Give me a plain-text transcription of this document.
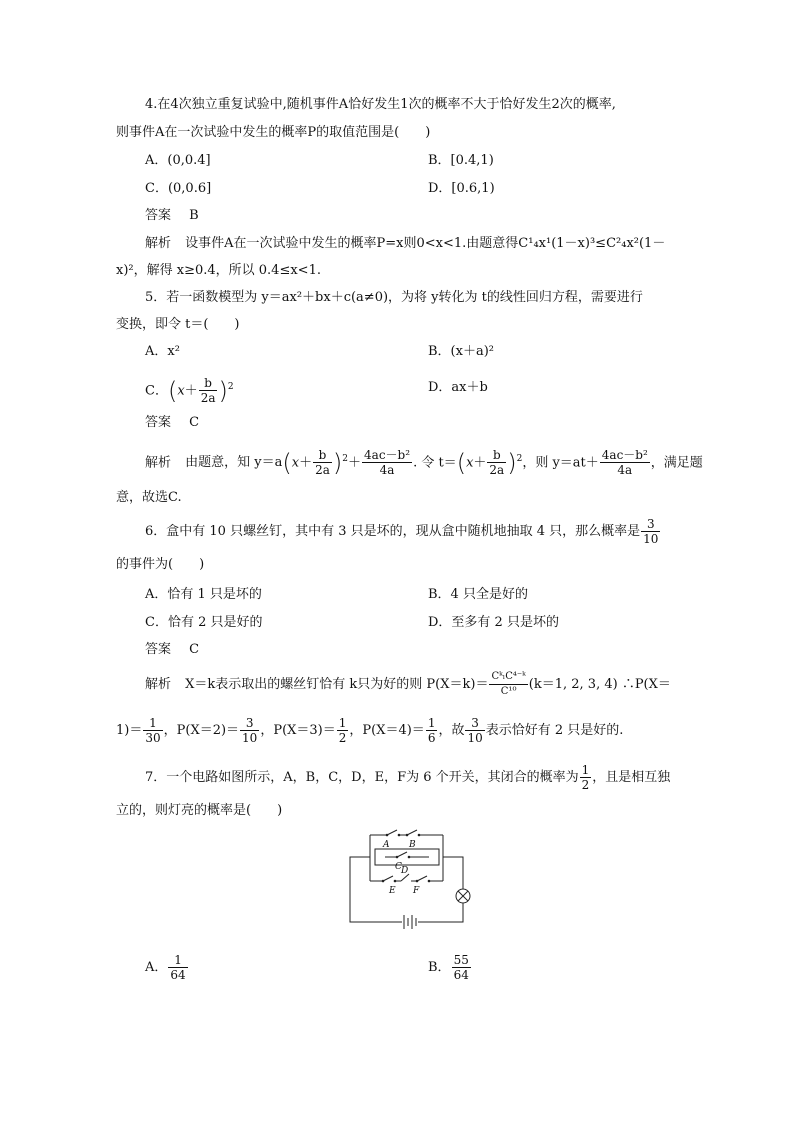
4.在4次独立重复试验中,随机事件A恰好发生1次的概率不大于恰好发生2次的概率,
则事件A在一次试验中发生的概率P的取值范围是(　　)
A．(0,0.4]	B．[0.4,1)
C．(0,0.6]	D．[0.6,1)
答案 B
解析 设事件A在一次试验中发生的概率P=x则0<x<1.由题意得C¹₄x¹(1－x)³≤C²₄x²(1－
x)²，解得 x≥0.4，所以 0.4≤x<1.
5．若一函数模型为 y＝ax²＋bx＋c(a≠0)，为将 y转化为 t的线性回归方程，需要进行
变换，即令 t＝(　　)
A．x²	B．(x＋a)²
C．$(x+ \frac{b}{2a} )^2$	D．ax＋b
答案 C
解析 由题意，知 $y=a(x+ \frac{b}{2a} )^2+ \frac{\text{4ac－b²}}{4a}$ . 令 $t=(x+ \frac{b}{2a} )^2$，则 $y=at+ \frac{\text{4ac－b²}}{4a}$ ，满足题
意，故选C.
6．盒中有 10 只螺丝钉，其中有 3 只是坏的，现从盒中随机地抽取 4 只，那么概率是 $\frac{3}{10}$
的事件为(　　)
A．恰有 1 只是坏的	B．4 只全是好的
C．恰有 2 只是好的	D．至多有 2 只是坏的
答案 C
解析 X＝k表示取出的螺丝钉恰有 k只为好的则 $P(X=k)= \frac{\text{CᵏₗC⁴⁻ᵏ}}{\text{C¹⁰}} (k=1$, 2, 3, 4) ∴P(X＝
$1)= \frac{1}{30}$ ，$P(X=2)= \frac{3}{10}$ ，$P(X=3)= \frac{1}{2}$ ，$P(X=4)= \frac{1}{6}$ ，故 $\frac{3}{10}$ 表示恰好有 2 只是好的.
7．一个电路如图所示，A，B，C，D，E，F为 6 个开关，其闭合的概率为 $\frac{1}{2}$ ，且是相互独
立的，则灯亮的概率是(　　)
A B
C D
E F
A． $\frac{1}{64}$	B． $\frac{55}{64}$
